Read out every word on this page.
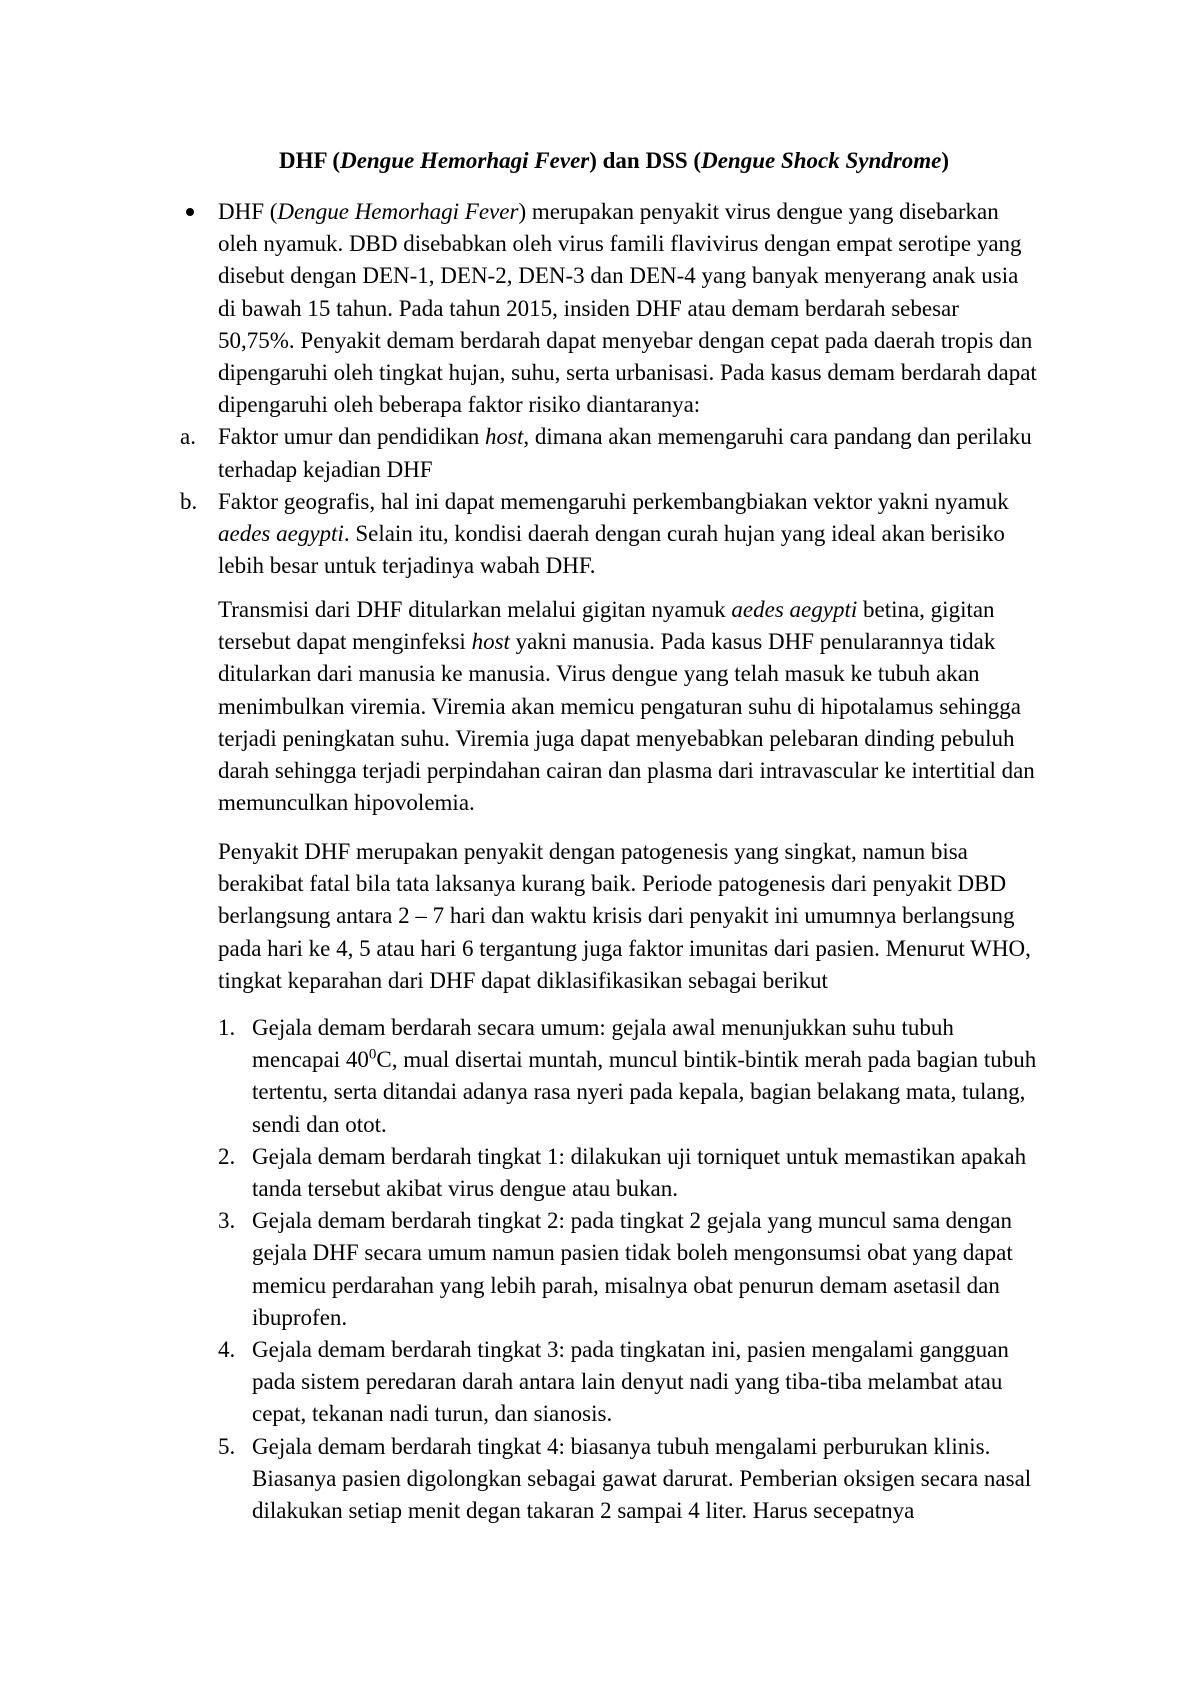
DHF (Dengue Hemorhagi Fever) dan DSS (Dengue Shock Syndrome)
DHF (Dengue Hemorhagi Fever) merupakan penyakit virus dengue yang disebarkan oleh nyamuk. DBD disebabkan oleh virus famili flavivirus dengan empat serotipe yang disebut dengan DEN-1, DEN-2, DEN-3 dan DEN-4 yang banyak menyerang anak usia di bawah 15 tahun. Pada tahun 2015, insiden DHF atau demam berdarah sebesar 50,75%. Penyakit demam berdarah dapat menyebar dengan cepat pada daerah tropis dan dipengaruhi oleh tingkat hujan, suhu, serta urbanisasi. Pada kasus demam berdarah dapat dipengaruhi oleh beberapa faktor risiko diantaranya:
a. Faktor umur dan pendidikan host, dimana akan memengaruhi cara pandang dan perilaku terhadap kejadian DHF
b. Faktor geografis, hal ini dapat memengaruhi perkembangbiakan vektor yakni nyamuk aedes aegypti. Selain itu, kondisi daerah dengan curah hujan yang ideal akan berisiko lebih besar untuk terjadinya wabah DHF.

Transmisi dari DHF ditularkan melalui gigitan nyamuk aedes aegypti betina, gigitan tersebut dapat menginfeksi host yakni manusia. Pada kasus DHF penularannya tidak ditularkan dari manusia ke manusia. Virus dengue yang telah masuk ke tubuh akan menimbulkan viremia. Viremia akan memicu pengaturan suhu di hipotalamus sehingga terjadi peningkatan suhu. Viremia juga dapat menyebabkan pelebaran dinding pebuluh darah sehingga terjadi perpindahan cairan dan plasma dari intravascular ke intertitial dan memunculkan hipovolemia.

Penyakit DHF merupakan penyakit dengan patogenesis yang singkat, namun bisa berakibat fatal bila tata laksanya kurang baik. Periode patogenesis dari penyakit DBD berlangsung antara 2 – 7 hari dan waktu krisis dari penyakit ini umumnya berlangsung pada hari ke 4, 5 atau hari 6 tergantung juga faktor imunitas dari pasien. Menurut WHO, tingkat keparahan dari DHF dapat diklasifikasikan sebagai berikut

1. Gejala demam berdarah secara umum: gejala awal menunjukkan suhu tubuh mencapai $40^0C$, mual disertai muntah, muncul bintik-bintik merah pada bagian tubuh tertentu, serta ditandai adanya rasa nyeri pada kepala, bagian belakang mata, tulang, sendi dan otot.
2. Gejala demam berdarah tingkat 1: dilakukan uji torniquet untuk memastikan apakah tanda tersebut akibat virus dengue atau bukan.
3. Gejala demam berdarah tingkat 2: pada tingkat 2 gejala yang muncul sama dengan gejala DHF secara umum namun pasien tidak boleh mengonsumsi obat yang dapat memicu perdarahan yang lebih parah, misalnya obat penurun demam asetasil dan ibuprofen.
4. Gejala demam berdarah tingkat 3: pada tingkatan ini, pasien mengalami gangguan pada sistem peredaran darah antara lain denyut nadi yang tiba-tiba melambat atau cepat, tekanan nadi turun, dan sianosis.
5. Gejala demam berdarah tingkat 4: biasanya tubuh mengalami perburukan klinis. Biasanya pasien digolongkan sebagai gawat darurat. Pemberian oksigen secara nasal dilakukan setiap menit degan takaran 2 sampai 4 liter. Harus secepatnya
